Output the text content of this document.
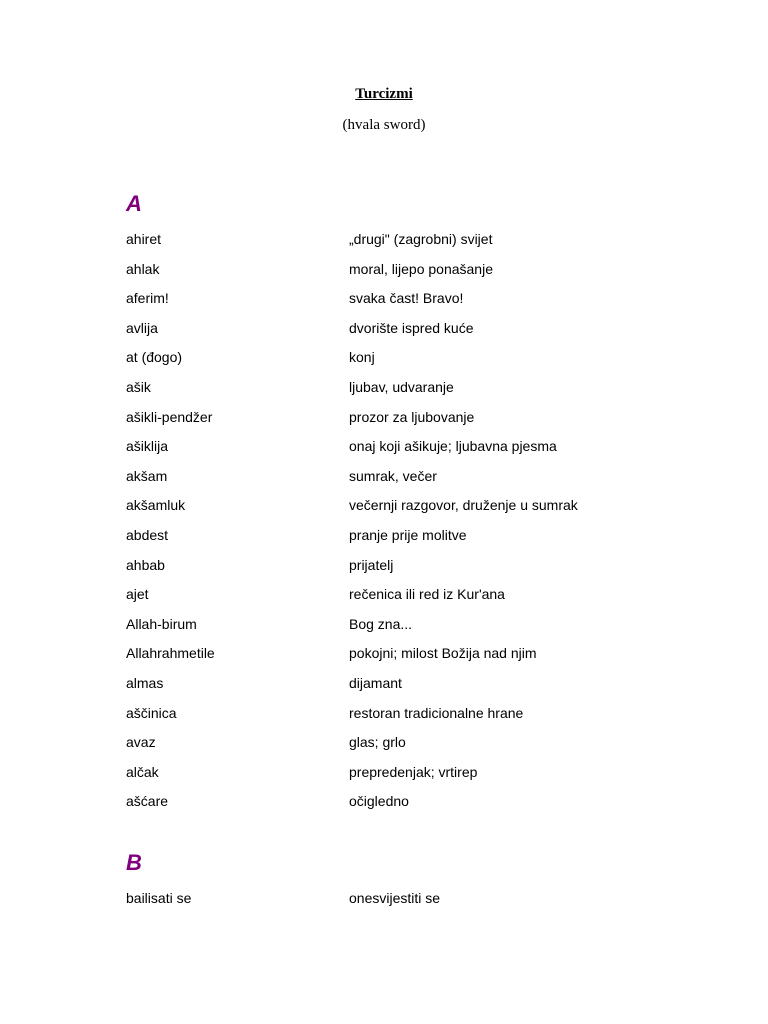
Turcizmi
(hvala sword)
A
ahiret	„drugi" (zagrobni) svijet
ahlak	moral, lijepo ponašanje
aferim!	svaka čast! Bravo!
avlija	dvorište ispred kuće
at (đogo)	konj
ašik	ljubav, udvaranje
ašikli-pendžer	prozor za ljubovanje
ašiklija	onaj koji ašikuje; ljubavna pjesma
akšam	sumrak, večer
akšamluk	večernji razgovor, druženje u sumrak
abdest	pranje prije molitve
ahbab	prijatelj
ajet	rečenica ili red iz Kur'ana
Allah-birum	Bog zna...
Allahrahmetile	pokojni; milost Božija nad njim
almas	dijamant
aščinica	restoran tradicionalne hrane
avaz	glas; grlo
alčak	prepredenjak; vrtirep
ašćare	očigledno
B
bailisati se	onesvijestiti se
